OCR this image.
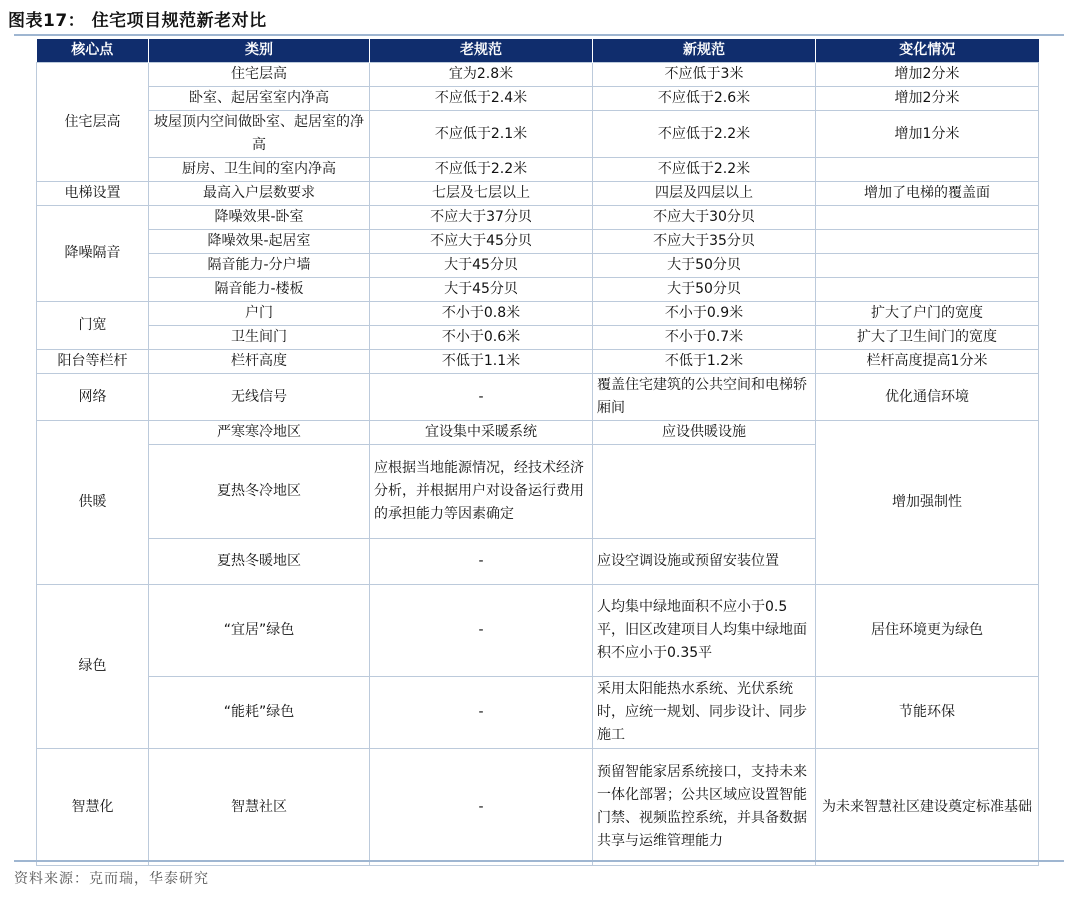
图表17： 住宅项目规范新老对比
核心点	类别	老规范	新规范	变化情况
住宅层高	住宅层高	宜为2.8米	不应低于3米	增加2分米
	卧室、起居室室内净高	不应低于2.4米	不应低于2.6米	增加2分米
	坡屋顶内空间做卧室、起居室的净高	不应低于2.1米	不应低于2.2米	增加1分米
	厨房、卫生间的室内净高	不应低于2.2米	不应低于2.2米	
电梯设置	最高入户层数要求	七层及七层以上	四层及四层以上	增加了电梯的覆盖面
降噪隔音	降噪效果-卧室	不应大于37分贝	不应大于30分贝	
	降噪效果-起居室	不应大于45分贝	不应大于35分贝	
	隔音能力-分户墙	大于45分贝	大于50分贝	
	隔音能力-楼板	大于45分贝	大于50分贝	
门宽	户门	不小于0.8米	不小于0.9米	扩大了户门的宽度
	卫生间门	不小于0.6米	不小于0.7米	扩大了卫生间门的宽度
阳台等栏杆	栏杆高度	不低于1.1米	不低于1.2米	栏杆高度提高1分米
网络	无线信号	-	覆盖住宅建筑的公共空间和电梯轿厢间	优化通信环境
供暖	严寒寒冷地区	宜设集中采暖系统	应设供暖设施	增加强制性
	夏热冬冷地区	应根据当地能源情况，经技术经济分析，并根据用户对设备运行费用的承担能力等因素确定		
	夏热冬暖地区	-	应设空调设施或预留安装位置	
绿色	“宜居”绿色	-	人均集中绿地面积不应小于0.5平，旧区改建项目人均集中绿地面积不应小于0.35平	居住环境更为绿色
	“能耗”绿色	-	采用太阳能热水系统、光伏系统时，应统一规划、同步设计、同步施工	节能环保
智慧化	智慧社区	-	预留智能家居系统接口，支持未来一体化部署；公共区域应设置智能门禁、视频监控系统，并具备数据共享与运维管理能力	为未来智慧社区建设奠定标准基础
资料来源：克而瑞，华泰研究
